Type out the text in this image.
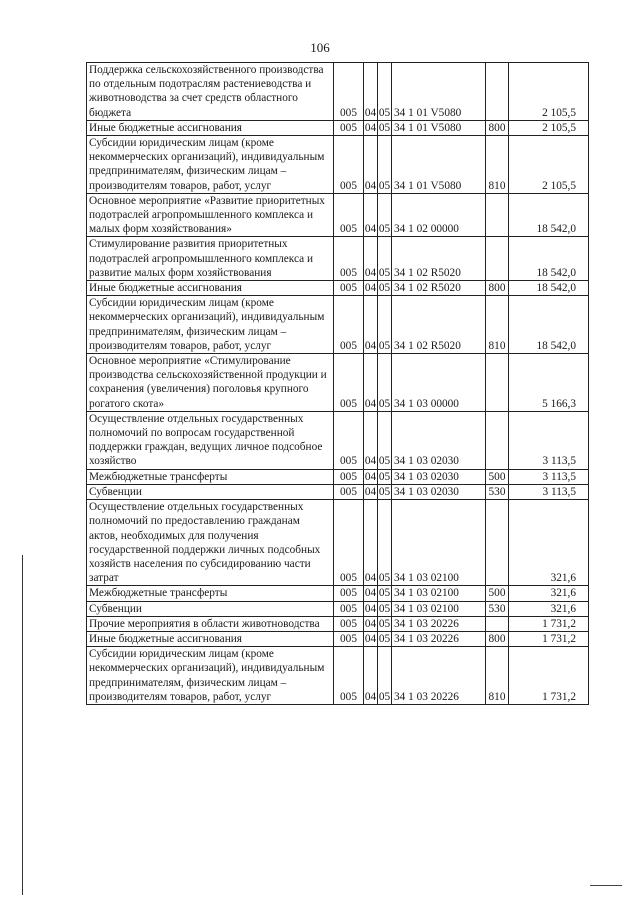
106
Поддержка сельскохозяйственного производства по отдельным подотраслям растениеводства и животноводства за счет средств областного бюджета	005	04	05	34 1 01 V5080		2 105,5
Иные бюджетные ассигнования	005	04	05	34 1 01 V5080	800	2 105,5
Субсидии юридическим лицам (кроме некоммерческих организаций), индивидуальным предпринимателям, физическим лицам – производителям товаров, работ, услуг	005	04	05	34 1 01 V5080	810	2 105,5
Основное мероприятие «Развитие приоритетных подотраслей агропромышленного комплекса и малых форм хозяйствования»	005	04	05	34 1 02 00000		18 542,0
Стимулирование развития приоритетных подотраслей агропромышленного комплекса и развитие малых форм хозяйствования	005	04	05	34 1 02 R5020		18 542,0
Иные бюджетные ассигнования	005	04	05	34 1 02 R5020	800	18 542,0
Субсидии юридическим лицам (кроме некоммерческих организаций), индивидуальным предпринимателям, физическим лицам – производителям товаров, работ, услуг	005	04	05	34 1 02 R5020	810	18 542,0
Основное мероприятие «Стимулирование производства сельскохозяйственной продукции и сохранения (увеличения) поголовья крупного рогатого скота»	005	04	05	34 1 03 00000		5 166,3
Осуществление отдельных государственных полномочий по вопросам государственной поддержки граждан, ведущих личное подсобное хозяйство	005	04	05	34 1 03 02030		3 113,5
Межбюджетные трансферты	005	04	05	34 1 03 02030	500	3 113,5
Субвенции	005	04	05	34 1 03 02030	530	3 113,5
Осуществление отдельных государственных полномочий по предоставлению гражданам актов, необходимых для получения государственной поддержки личных подсобных хозяйств населения по субсидированию части затрат	005	04	05	34 1 03 02100		321,6
Межбюджетные трансферты	005	04	05	34 1 03 02100	500	321,6
Субвенции	005	04	05	34 1 03 02100	530	321,6
Прочие мероприятия в области животноводства	005	04	05	34 1 03 20226		1 731,2
Иные бюджетные ассигнования	005	04	05	34 1 03 20226	800	1 731,2
Субсидии юридическим лицам (кроме некоммерческих организаций), индивидуальным предпринимателям, физическим лицам – производителям товаров, работ, услуг	005	04	05	34 1 03 20226	810	1 731,2
